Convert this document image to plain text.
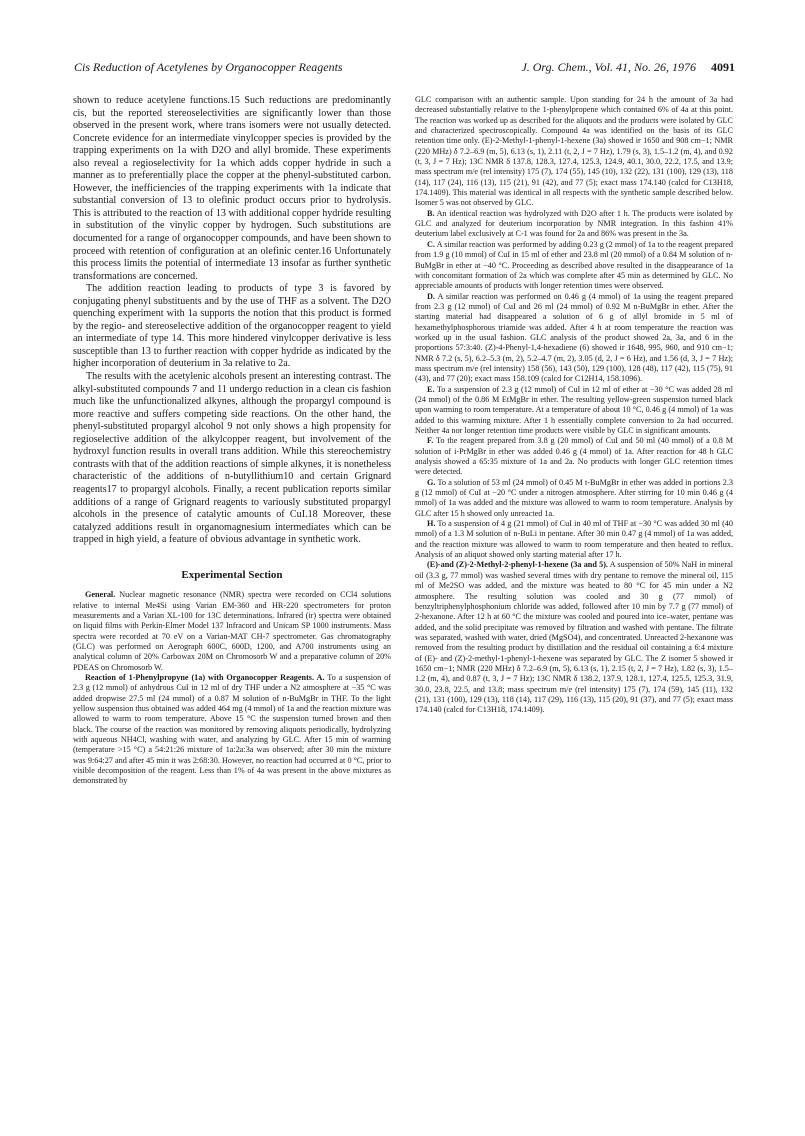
Cis Reduction of Acetylenes by Organocopper Reagents	J. Org. Chem., Vol. 41, No. 26, 1976 4091

shown to reduce acetylene functions.15 Such reductions are predominantly cis, but the reported stereoselectivities are significantly lower than those observed in the present work, where trans isomers were not usually detected. Concrete evidence for an intermediate vinylcopper species is provided by the trapping experiments on 1a with D2O and allyl bromide. These experiments also reveal a regioselectivity for 1a which adds copper hydride in such a manner as to preferentially place the copper at the phenyl-substituted carbon. However, the inefficiencies of the trapping experiments with 1a indicate that substantial conversion of 13 to olefinic product occurs prior to hydrolysis. This is attributed to the reaction of 13 with additional copper hydride resulting in substitution of the vinylic copper by hydrogen. Such substitutions are documented for a range of organocopper compounds, and have been shown to proceed with retention of configuration at an olefinic center.16 Unfortunately this process limits the potential of intermediate 13 insofar as further synthetic transformations are concerned.

The addition reaction leading to products of type 3 is favored by conjugating phenyl substituents and by the use of THF as a solvent. The D2O quenching experiment with 1a supports the notion that this product is formed by the regio- and stereoselective addition of the organocopper reagent to yield an intermediate of type 14. This more hindered vinylcopper derivative is less susceptible than 13 to further reaction with copper hydride as indicated by the higher incorporation of deuterium in 3a relative to 2a.

The results with the acetylenic alcohols present an interesting contrast. The alkyl-substituted compounds 7 and 11 undergo reduction in a clean cis fashion much like the unfunctionalized alkynes, although the propargyl compound is more reactive and suffers competing side reactions. On the other hand, the phenyl-substituted propargyl alcohol 9 not only shows a high propensity for regioselective addition of the alkylcopper reagent, but involvement of the hydroxyl function results in overall trans addition. While this stereochemistry contrasts with that of the addition reactions of simple alkynes, it is nonetheless characteristic of the additions of n-butyllithium10 and certain Grignard reagents17 to propargyl alcohols. Finally, a recent publication reports similar additions of a range of Grignard reagents to variously substituted propargyl alcohols in the presence of catalytic amounts of CuI.18 Moreover, these catalyzed additions result in organomagnesium intermediates which can be trapped in high yield, a feature of obvious advantage in synthetic work.

Experimental Section

General. Nuclear magnetic resonance (NMR) spectra were recorded on CCl4 solutions relative to internal Me4Si using Varian EM-360 and HR-220 spectrometers for proton measurements and a Varian XL-100 for 13C determinations. Infrared (ir) spectra were obtained on liquid films with Perkin-Elmer Model 137 Infracord and Unicam SP 1000 instruments. Mass spectra were recorded at 70 eV on a Varian-MAT CH-7 spectrometer. Gas chromatography (GLC) was performed on Aerograph 600C, 600D, 1200, and A700 instruments using an analytical column of 20% Carbowax 20M on Chromosorb W and a preparative column of 20% PDEAS on Chromosorb W.

Reaction of 1-Phenylpropyne (1a) with Organocopper Reagents. A. To a suspension of 2.3 g (12 mmol) of anhydrous CuI in 12 ml of dry THF under a N2 atmosphere at −35 °C was added dropwise 27.5 ml (24 mmol) of a 0.87 M solution of n-BuMgBr in THF. To the light yellow suspension thus obtained was added 464 mg (4 mmol) of 1a and the reaction mixture was allowed to warm to room temperature. Above 15 °C the suspension turned brown and then black. The course of the reaction was monitored by removing aliquots periodically, hydrolyzing with aqueous NH4Cl, washing with water, and analyzing by GLC. After 15 min of warming (temperature >15 °C) a 54:21:26 mixture of 1a:2a:3a was observed; after 30 min the mixture was 9:64:27 and after 45 min it was 2:68:30. However, no reaction had occurred at 0 °C, prior to visible decomposition of the reagent. Less than 1% of 4a was present in the above mixtures as demonstrated by

GLC comparison with an authentic sample. Upon standing for 24 h the amount of 3a had decreased substantially relative to the 1-phenylpropene which contained 6% of 4a at this point. The reaction was worked up as described for the aliquots and the products were isolated by GLC and characterized spectroscopically. Compound 4a was identified on the basis of its GLC retention time only. (E)-2-Methyl-1-phenyl-1-hexene (3a) showed ir 1650 and 908 cm−1; NMR (220 MHz) δ 7.2–6.9 (m, 5), 6.13 (s, 1), 2.11 (t, 2, J = 7 Hz), 1.79 (s, 3), 1.5–1.2 (m, 4), and 0.92 (t, 3, J = 7 Hz); 13C NMR δ 137.8, 128.3, 127.4, 125.3, 124.9, 40.1, 30.0, 22.2, 17.5, and 13.9; mass spectrum m/e (rel intensity) 175 (7), 174 (55), 145 (10), 132 (22), 131 (100), 129 (13), 118 (14), 117 (24), 116 (13), 115 (21), 91 (42), and 77 (5); exact mass 174.140 (calcd for C13H18, 174.1409). This material was identical in all respects with the synthetic sample described below. Isomer 5 was not observed by GLC.

B. An identical reaction was hydrolyzed with D2O after 1 h. The products were isolated by GLC and analyzed for deuterium incorporation by NMR integration. In this fashion 41% deuterium label exclusively at C-1 was found for 2a and 86% was present in the 3a.

C. A similar reaction was performed by adding 0.23 g (2 mmol) of 1a to the reagent prepared from 1.9 g (10 mmol) of CuI in 15 ml of ether and 23.8 ml (20 mmol) of a 0.84 M solution of n-BuMgBr in ether at −40 °C. Proceeding as described above resulted in the disappearance of 1a with concomitant formation of 2a which was complete after 45 min as determined by GLC. No appreciable amounts of products with longer retention times were observed.

D. A similar reaction was performed on 0.46 g (4 mmol) of 1a using the reagent prepared from 2.3 g (12 mmol) of CuI and 26 ml (24 mmol) of 0.92 M n-BuMgBr in ether. After the starting material had disappeared a solution of 6 g of allyl bromide in 5 ml of hexamethylphosphorous triamide was added. After 4 h at room temperature the reaction was worked up in the usual fashion. GLC analysis of the product showed 2a, 3a, and 6 in the proportions 57:3:40. (Z)-4-Phenyl-1,4-hexadiene (6) showed ir 1648, 995, 960, and 910 cm−1; NMR δ 7.2 (s, 5), 6.2–5.3 (m, 2), 5.2–4.7 (m, 2), 3.05 (d, 2, J = 6 Hz), and 1.56 (d, 3, J = 7 Hz); mass spectrum m/e (rel intensity) 158 (56), 143 (50), 129 (100), 128 (48), 117 (42), 115 (75), 91 (43), and 77 (20); exact mass 158.109 (calcd for C12H14, 158.1096).

E. To a suspension of 2.3 g (12 mmol) of CuI in 12 ml of ether at −30 °C was added 28 ml (24 mmol) of the 0.86 M EtMgBr in ether. The resulting yellow-green suspension turned black upon warming to room temperature. At a temperature of about 10 °C, 0.46 g (4 mmol) of 1a was added to this warming mixture. After 1 h essentially complete conversion to 2a had occurred. Neither 4a nor longer retention time products were visible by GLC in significant amounts.

F. To the reagent prepared from 3.8 g (20 mmol) of CuI and 50 ml (40 mmol) of a 0.8 M solution of i-PrMgBr in ether was added 0.46 g (4 mmol) of 1a. After reaction for 48 h GLC analysis showed a 65:35 mixture of 1a and 2a. No products with longer GLC retention times were detected.

G. To a solution of 53 ml (24 mmol) of 0.45 M t-BuMgBr in ether was added in portions 2.3 g (12 mmol) of CuI at −20 °C under a nitrogen atmosphere. After stirring for 10 min 0.46 g (4 mmol) of 1a was added and the mixture was allowed to warm to room temperature. Analysis by GLC after 15 h showed only unreacted 1a.

H. To a suspension of 4 g (21 mmol) of CuI in 40 ml of THF at −30 °C was added 30 ml (40 mmol) of a 1.3 M solution of n-BuLi in pentane. After 30 min 0.47 g (4 mmol) of 1a was added, and the reaction mixture was allowed to warm to room temperature and then heated to reflux. Analysis of an aliquot showed only starting material after 17 h.

(E)-and (Z)-2-Methyl-2-phenyl-1-hexene (3a and 5). A suspension of 50% NaH in mineral oil (3.3 g, 77 mmol) was washed several times with dry pentane to remove the mineral oil, 115 ml of Me2SO was added, and the mixture was heated to 80 °C for 45 min under a N2 atmosphere. The resulting solution was cooled and 30 g (77 mmol) of benzyltriphenylphosphonium chloride was added, followed after 10 min by 7.7 g (77 mmol) of 2-hexanone. After 12 h at 60 °C the mixture was cooled and poured into ice–water, pentane was added, and the solid precipitate was removed by filtration and washed with pentane. The filtrate was separated, washed with water, dried (MgSO4), and concentrated. Unreacted 2-hexanone was removed from the resulting product by distillation and the residual oil containing a 6:4 mixture of (E)- and (Z)-2-methyl-1-phenyl-1-hexene was separated by GLC. The Z isomer 5 showed ir 1650 cm−1; NMR (220 MHz) δ 7.2–6.9 (m, 5), 6.13 (s, 1), 2.15 (t, 2, J = 7 Hz), 1.82 (s, 3), 1.5–1.2 (m, 4), and 0.87 (t, 3, J = 7 Hz); 13C NMR δ 138.2, 137.9, 128.1, 127.4, 125.5, 125.3, 31.9, 30.0, 23.8, 22.5, and 13.8; mass spectrum m/e (rel intensity) 175 (7), 174 (59), 145 (11), 132 (21), 131 (100), 129 (13), 118 (14), 117 (29), 116 (13), 115 (20), 91 (37), and 77 (5); exact mass 174.140 (calcd for C13H18, 174.1409).
